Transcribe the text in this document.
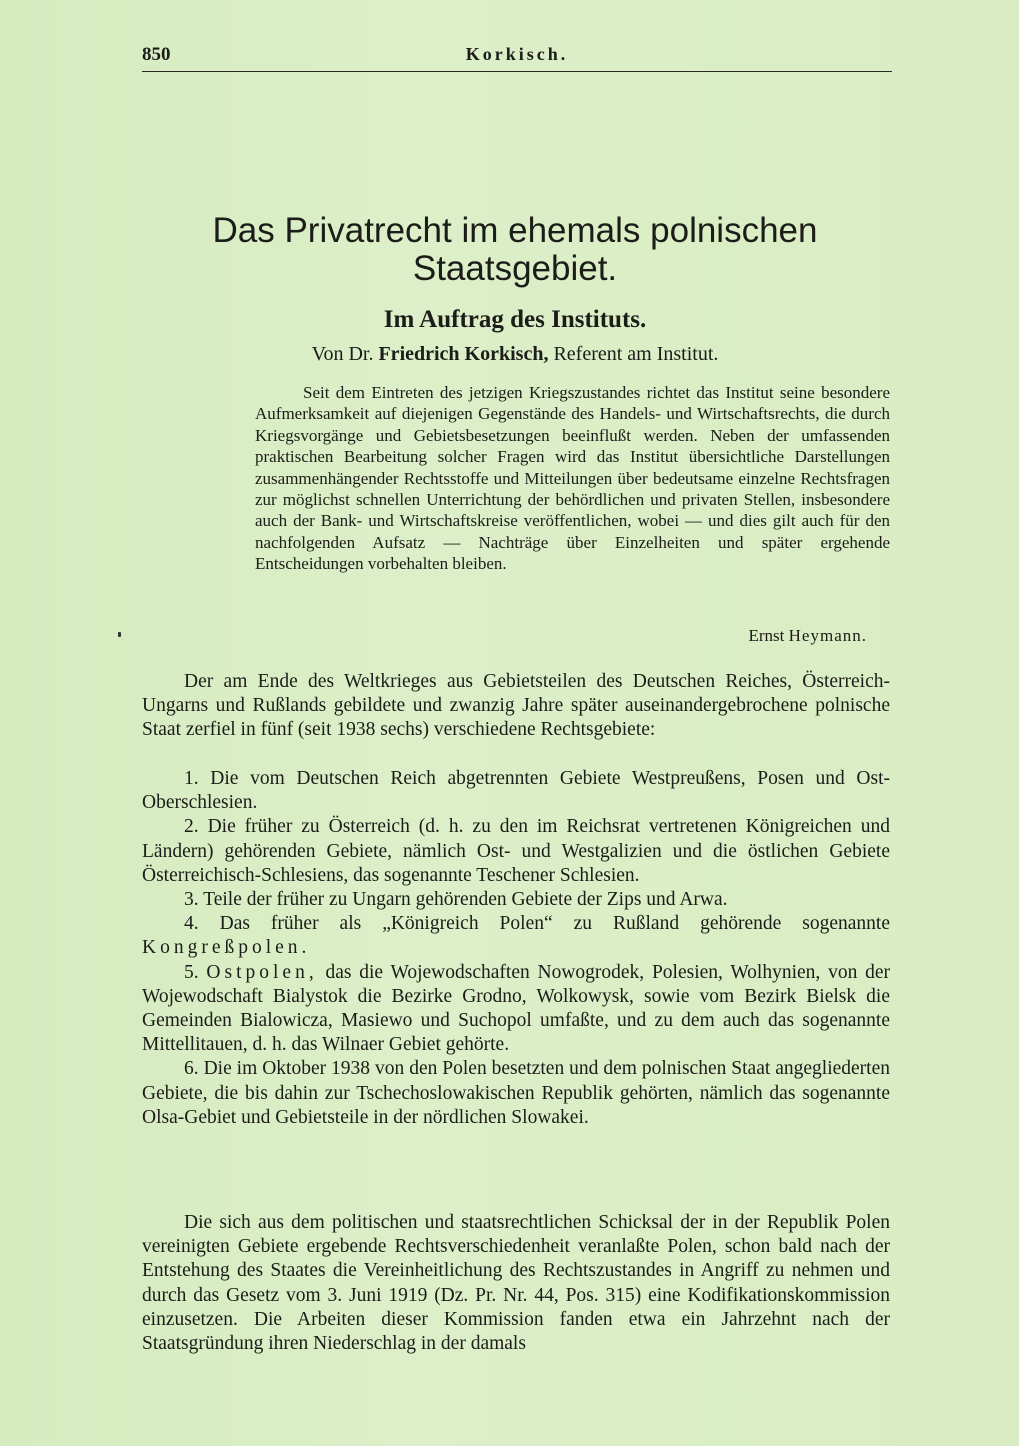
850	Korkisch.
Das Privatrecht im ehemals polnischen
Staatsgebiet.
Im Auftrag des Instituts.
Von Dr. Friedrich Korkisch, Referent am Institut.

Seit dem Eintreten des jetzigen Kriegszustandes richtet das Institut seine besondere Aufmerksamkeit auf diejenigen Gegenstände des Handels- und Wirtschaftsrechts, die durch Kriegsvorgänge und Gebietsbesetzungen beeinflußt werden. Neben der umfassenden praktischen Bearbeitung solcher Fragen wird das Institut übersichtliche Darstellungen zusammenhängender Rechtsstoffe und Mitteilungen über bedeutsame einzelne Rechtsfragen zur möglichst schnellen Unterrichtung der behördlichen und privaten Stellen, insbesondere auch der Bank- und Wirtschaftskreise veröffentlichen, wobei — und dies gilt auch für den nachfolgenden Aufsatz — Nachträge über Einzelheiten und später ergehende Entscheidungen vorbehalten bleiben.

Ernst Heymann.

Der am Ende des Weltkrieges aus Gebietsteilen des Deutschen Reiches, Österreich-Ungarns und Rußlands gebildete und zwanzig Jahre später auseinandergebrochene polnische Staat zerfiel in fünf (seit 1938 sechs) verschiedene Rechtsgebiete:

1. Die vom Deutschen Reich abgetrennten Gebiete Westpreußens, Posen und Ost-Oberschlesien.

2. Die früher zu Österreich (d. h. zu den im Reichsrat vertretenen Königreichen und Ländern) gehörenden Gebiete, nämlich Ost- und Westgalizien und die östlichen Gebiete Österreichisch-Schlesiens, das sogenannte Teschener Schlesien.

3. Teile der früher zu Ungarn gehörenden Gebiete der Zips und Arwa.

4. Das früher als „Königreich Polen“ zu Rußland gehörende sogenannte Kongreßpolen.

5. Ostpolen, das die Wojewodschaften Nowogrodek, Polesien, Wolhynien, von der Wojewodschaft Bialystok die Bezirke Grodno, Wolkowysk, sowie vom Bezirk Bielsk die Gemeinden Bialowicza, Masiewo und Suchopol umfaßte, und zu dem auch das sogenannte Mittellitauen, d. h. das Wilnaer Gebiet gehörte.

6. Die im Oktober 1938 von den Polen besetzten und dem polnischen Staat angegliederten Gebiete, die bis dahin zur Tschechoslowakischen Republik gehörten, nämlich das sogenannte Olsa-Gebiet und Gebietsteile in der nördlichen Slowakei.

Die sich aus dem politischen und staatsrechtlichen Schicksal der in der Republik Polen vereinigten Gebiete ergebende Rechtsverschiedenheit veranlaßte Polen, schon bald nach der Entstehung des Staates die Vereinheitlichung des Rechtszustandes in Angriff zu nehmen und durch das Gesetz vom 3. Juni 1919 (Dz. Pr. Nr. 44, Pos. 315) eine Kodifikationskommission einzusetzen. Die Arbeiten dieser Kommission fanden etwa ein Jahrzehnt nach der Staatsgründung ihren Niederschlag in der damals
